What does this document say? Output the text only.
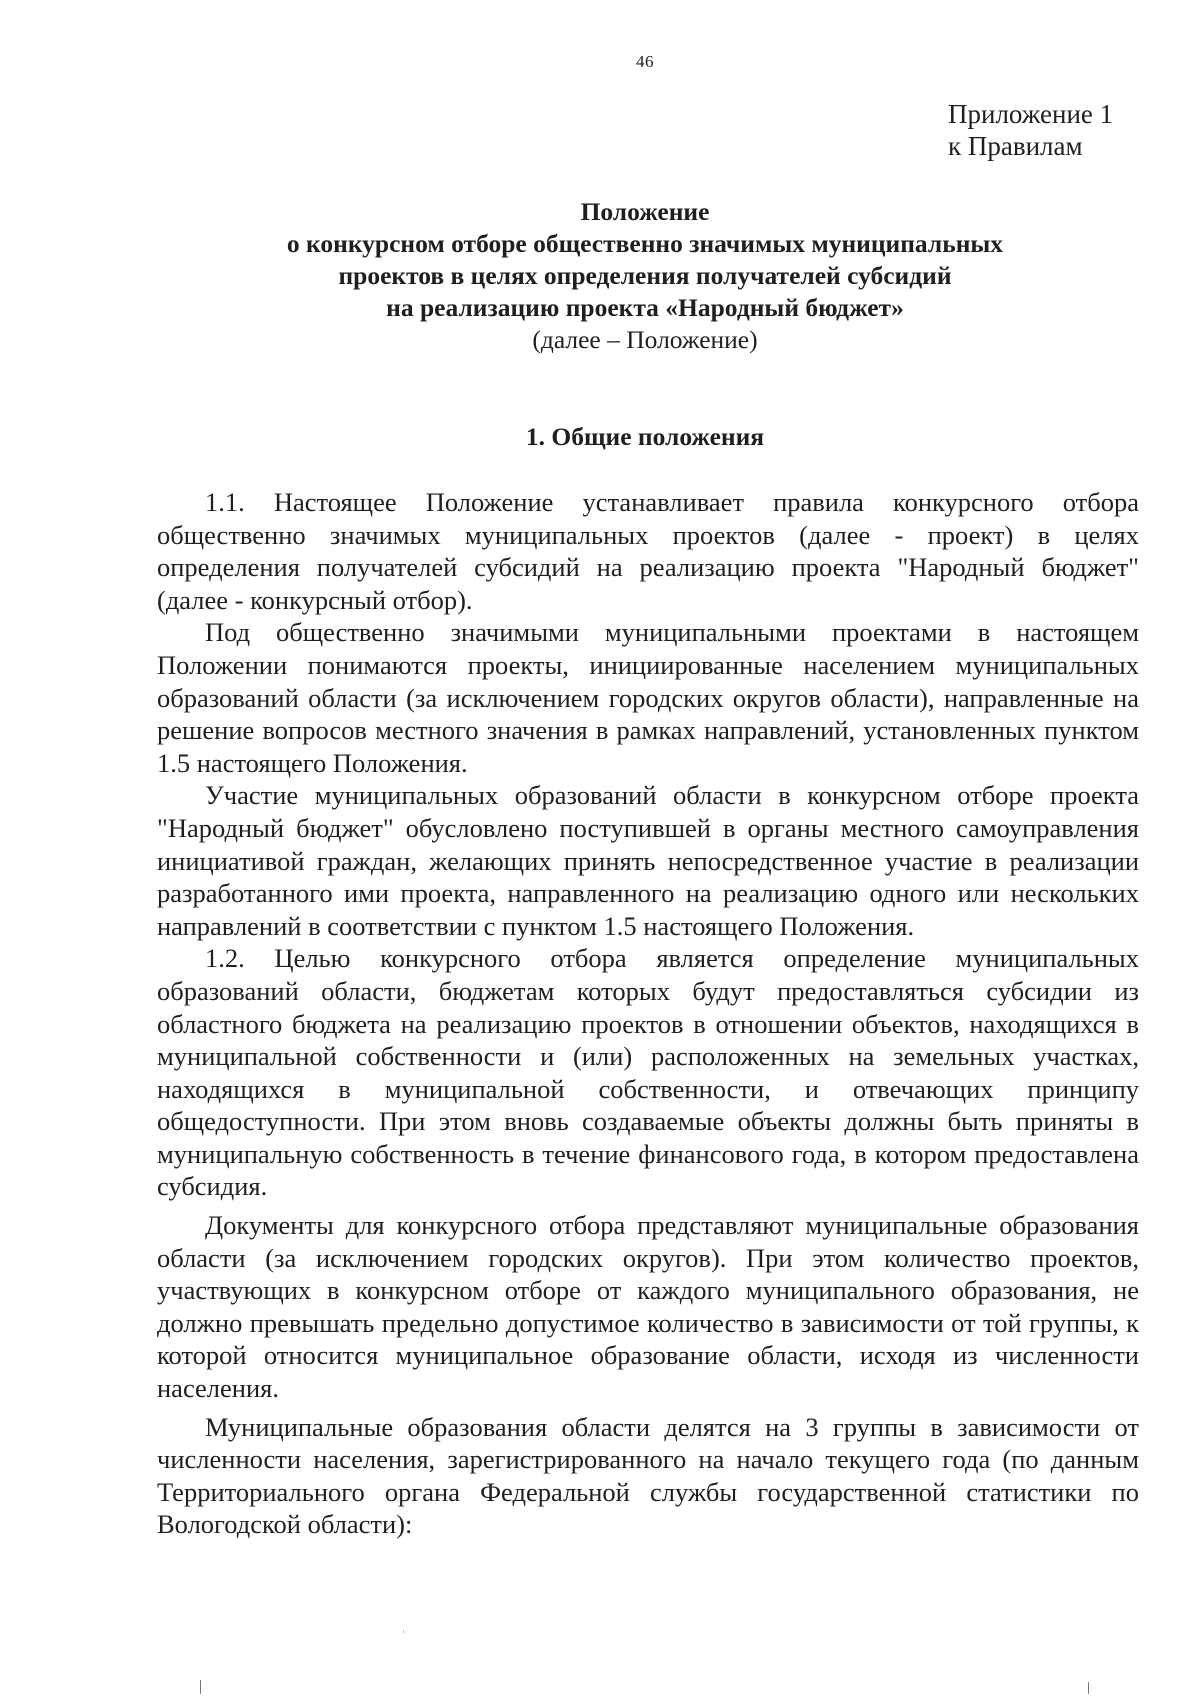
46
Приложение 1
к Правилам
Положение
о конкурсном отборе общественно значимых муниципальных
проектов в целях определения получателей субсидий
на реализацию проекта «Народный бюджет»
(далее – Положение)
1. Общие положения

1.1. Настоящее Положение устанавливает правила конкурсного отбора общественно значимых муниципальных проектов (далее - проект) в целях определения получателей субсидий на реализацию проекта "Народный бюджет" (далее - конкурсный отбор).

Под общественно значимыми муниципальными проектами в настоящем Положении понимаются проекты, инициированные населением муниципальных образований области (за исключением городских округов области), направленные на решение вопросов местного значения в рамках направлений, установленных пунктом 1.5 настоящего Положения.

Участие муниципальных образований области в конкурсном отборе проекта "Народный бюджет" обусловлено поступившей в органы местного самоуправления инициативой граждан, желающих принять непосредственное участие в реализации разработанного ими проекта, направленного на реализацию одного или нескольких направлений в соответствии с пунктом 1.5 настоящего Положения.

1.2. Целью конкурсного отбора является определение муниципальных образований области, бюджетам которых будут предоставляться субсидии из областного бюджета на реализацию проектов в отношении объектов, находящихся в муниципальной собственности и (или) расположенных на земельных участках, находящихся в муниципальной собственности, и отвечающих принципу общедоступности. При этом вновь создаваемые объекты должны быть приняты в муниципальную собственность в течение финансового года, в котором предоставлена субсидия.

Документы для конкурсного отбора представляют муниципальные образования области (за исключением городских округов). При этом количество проектов, участвующих в конкурсном отборе от каждого муниципального образования, не должно превышать предельно допустимое количество в зависимости от той группы, к которой относится муниципальное образование области, исходя из численности населения.

Муниципальные образования области делятся на 3 группы в зависимости от численности населения, зарегистрированного на начало текущего года (по данным Территориального органа Федеральной службы государственной статистики по Вологодской области):
